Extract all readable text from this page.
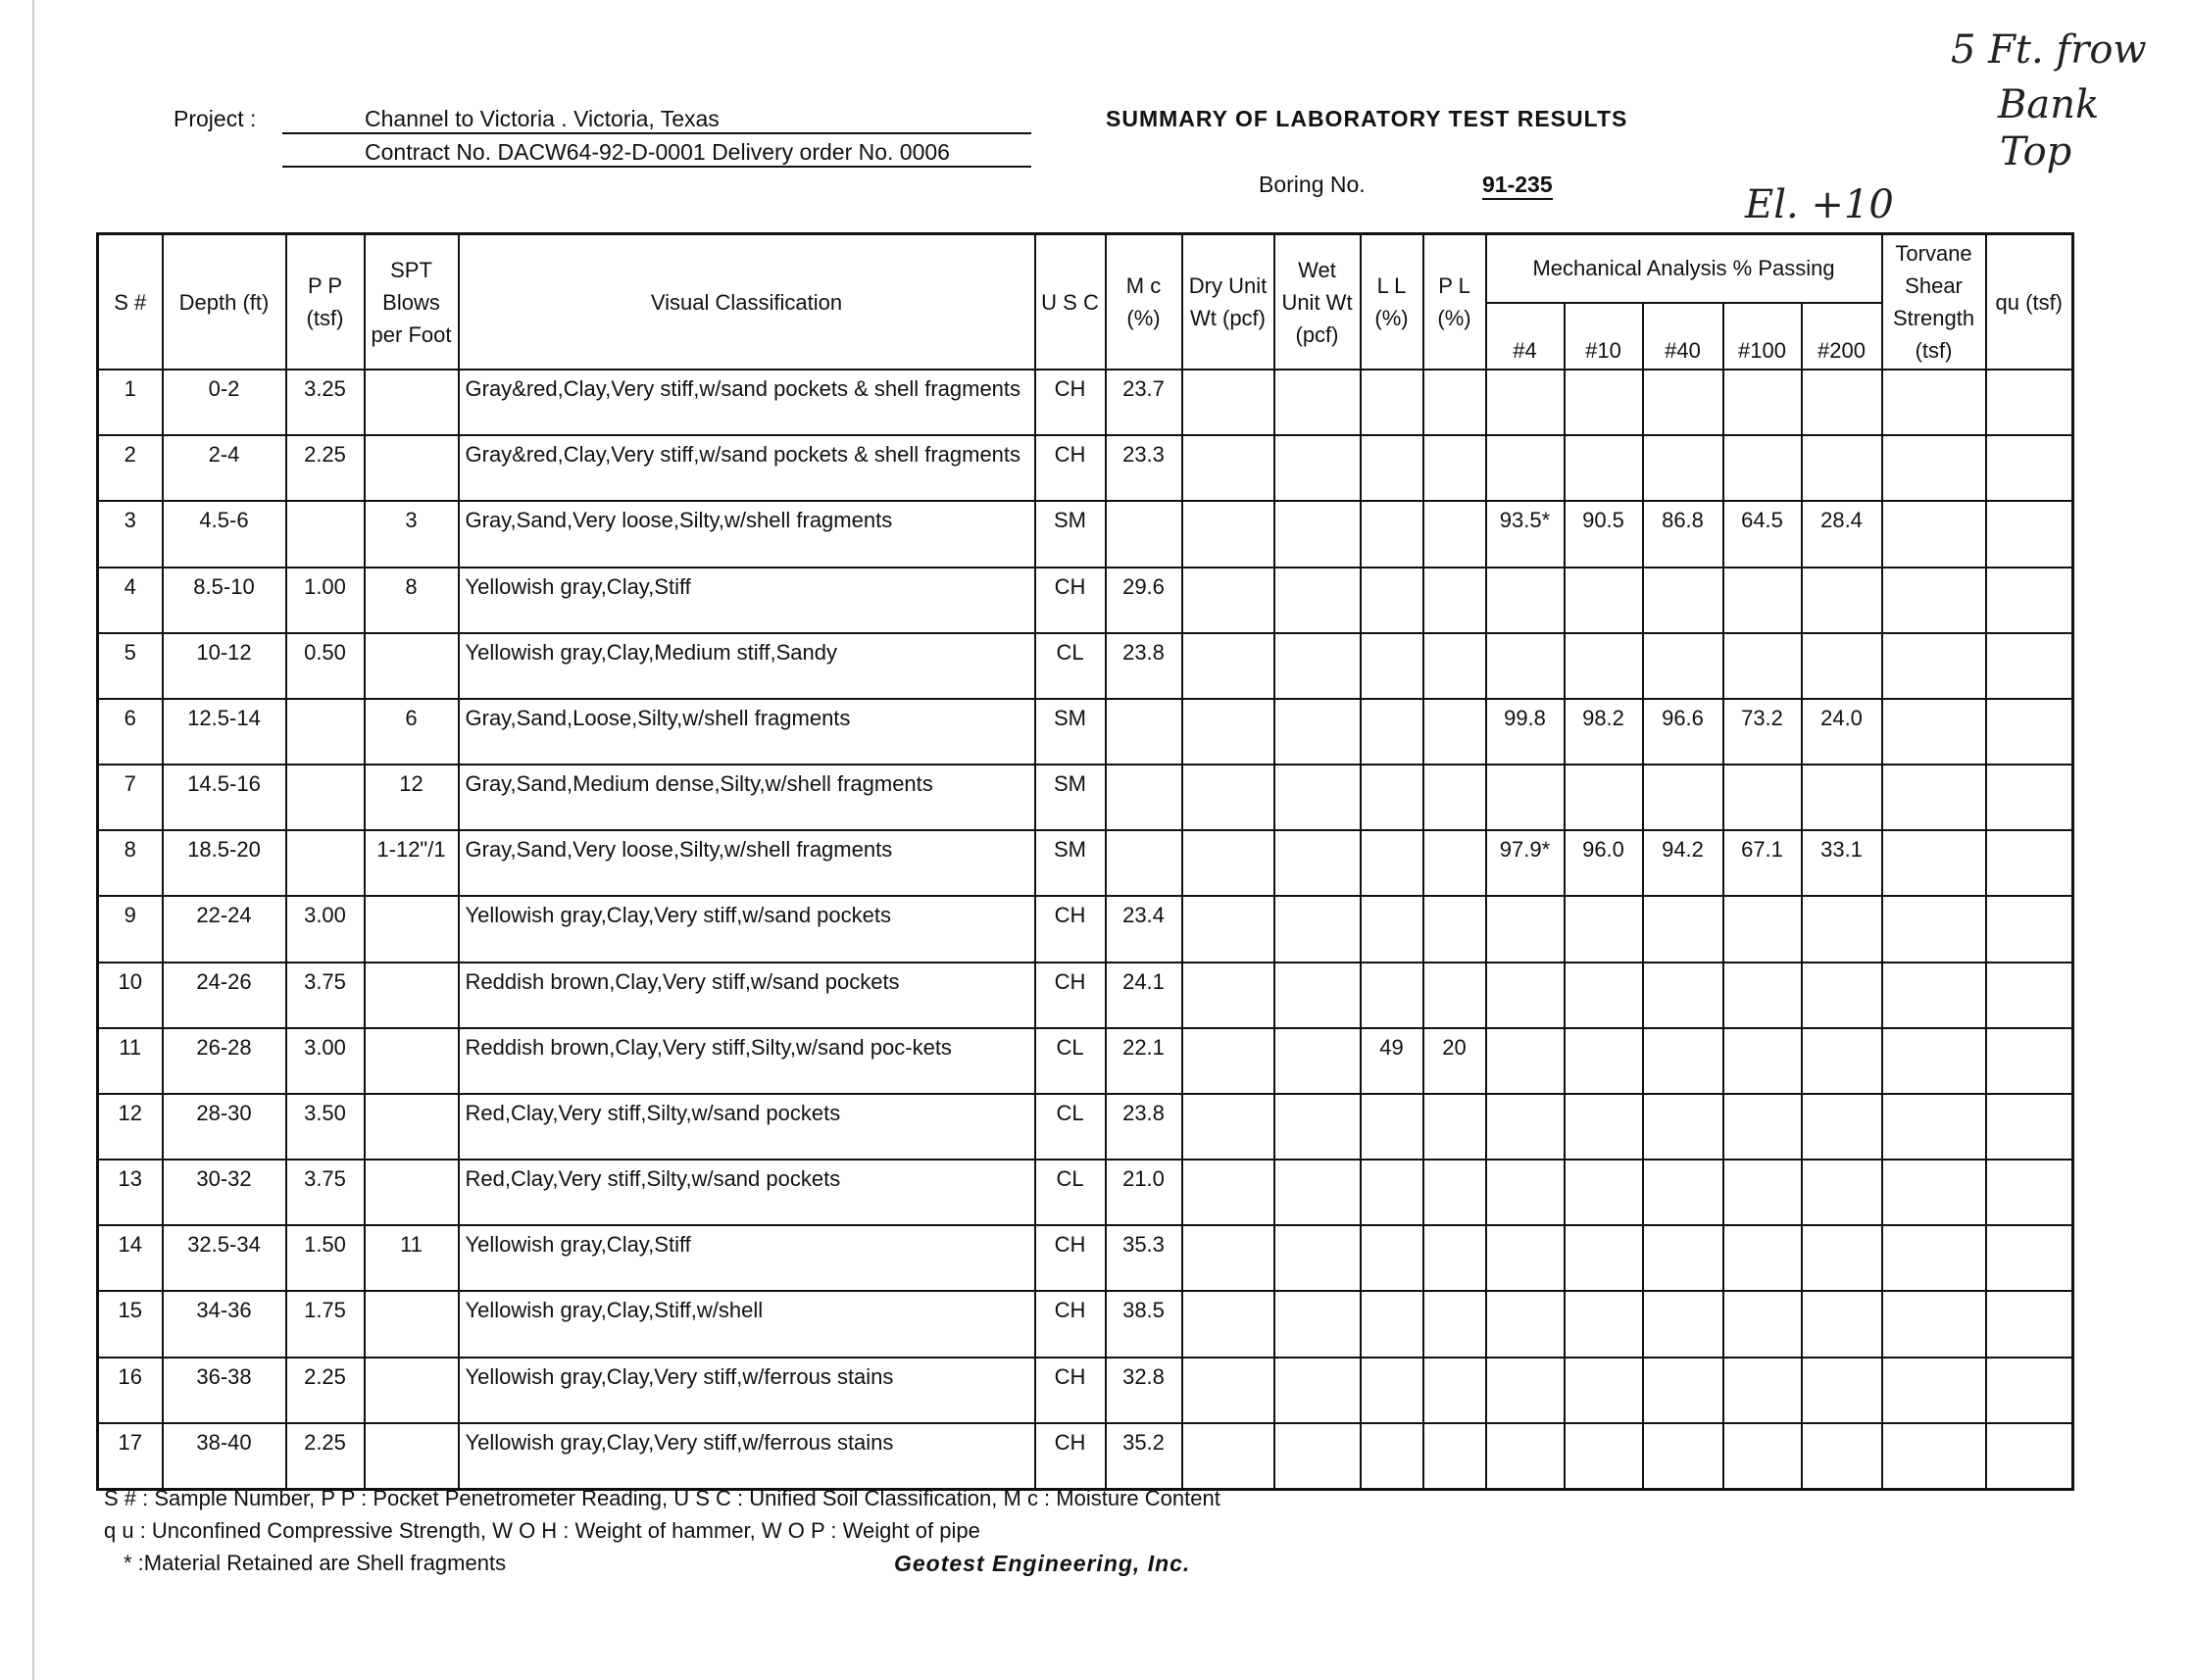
Project :	Channel to Victoria . Victoria, Texas
Contract No. DACW64-92-D-0001 Delivery order No. 0006
SUMMARY OF LABORATORY TEST RESULTS
Boring No.	91-235
5 Ft. frow
Bank
Top
El. +10
S #	Depth (ft)	P P (tsf)	SPT Blows per Foot	Visual Classification	U S C	M c (%)	Dry Unit Wt (pcf)	Wet Unit Wt (pcf)	L L (%)	P L (%)	Mechanical Analysis % Passing					Torvane Shear Strength (tsf)	qu (tsf)
											#4	#10	#40	#100	#200		
1	0-2	3.25		Gray&red,Clay,Very stiff,w/sand pockets & shell fragments	CH	23.7											
2	2-4	2.25		Gray&red,Clay,Very stiff,w/sand pockets & shell fragments	CH	23.3											
3	4.5-6		3	Gray,Sand,Very loose,Silty,w/shell fragments	SM						93.5*	90.5	86.8	64.5	28.4		
4	8.5-10	1.00	8	Yellowish gray,Clay,Stiff	CH	29.6											
5	10-12	0.50		Yellowish gray,Clay,Medium stiff,Sandy	CL	23.8											
6	12.5-14		6	Gray,Sand,Loose,Silty,w/shell fragments	SM						99.8	98.2	96.6	73.2	24.0		
7	14.5-16		12	Gray,Sand,Medium dense,Silty,w/shell fragments	SM												
8	18.5-20		1-12"/1	Gray,Sand,Very loose,Silty,w/shell fragments	SM						97.9*	96.0	94.2	67.1	33.1		
9	22-24	3.00		Yellowish gray,Clay,Very stiff,w/sand pockets	CH	23.4											
10	24-26	3.75		Reddish brown,Clay,Very stiff,w/sand pockets	CH	24.1											
11	26-28	3.00		Reddish brown,Clay,Very stiff,Silty,w/sand poc-kets	CL	22.1			49	20							
12	28-30	3.50		Red,Clay,Very stiff,Silty,w/sand pockets	CL	23.8											
13	30-32	3.75		Red,Clay,Very stiff,Silty,w/sand pockets	CL	21.0											
14	32.5-34	1.50	11	Yellowish gray,Clay,Stiff	CH	35.3											
15	34-36	1.75		Yellowish gray,Clay,Stiff,w/shell	CH	38.5											
16	36-38	2.25		Yellowish gray,Clay,Very stiff,w/ferrous stains	CH	32.8											
17	38-40	2.25		Yellowish gray,Clay,Very stiff,w/ferrous stains	CH	35.2											
S # : Sample Number, P P : Pocket Penetrometer Reading, U S C : Unified Soil Classification, M c : Moisture Content
q u : Unconfined Compressive Strength, W O H : Weight of hammer, W O P : Weight of pipe
* :Material Retained are Shell fragments	Geotest Engineering, Inc.
